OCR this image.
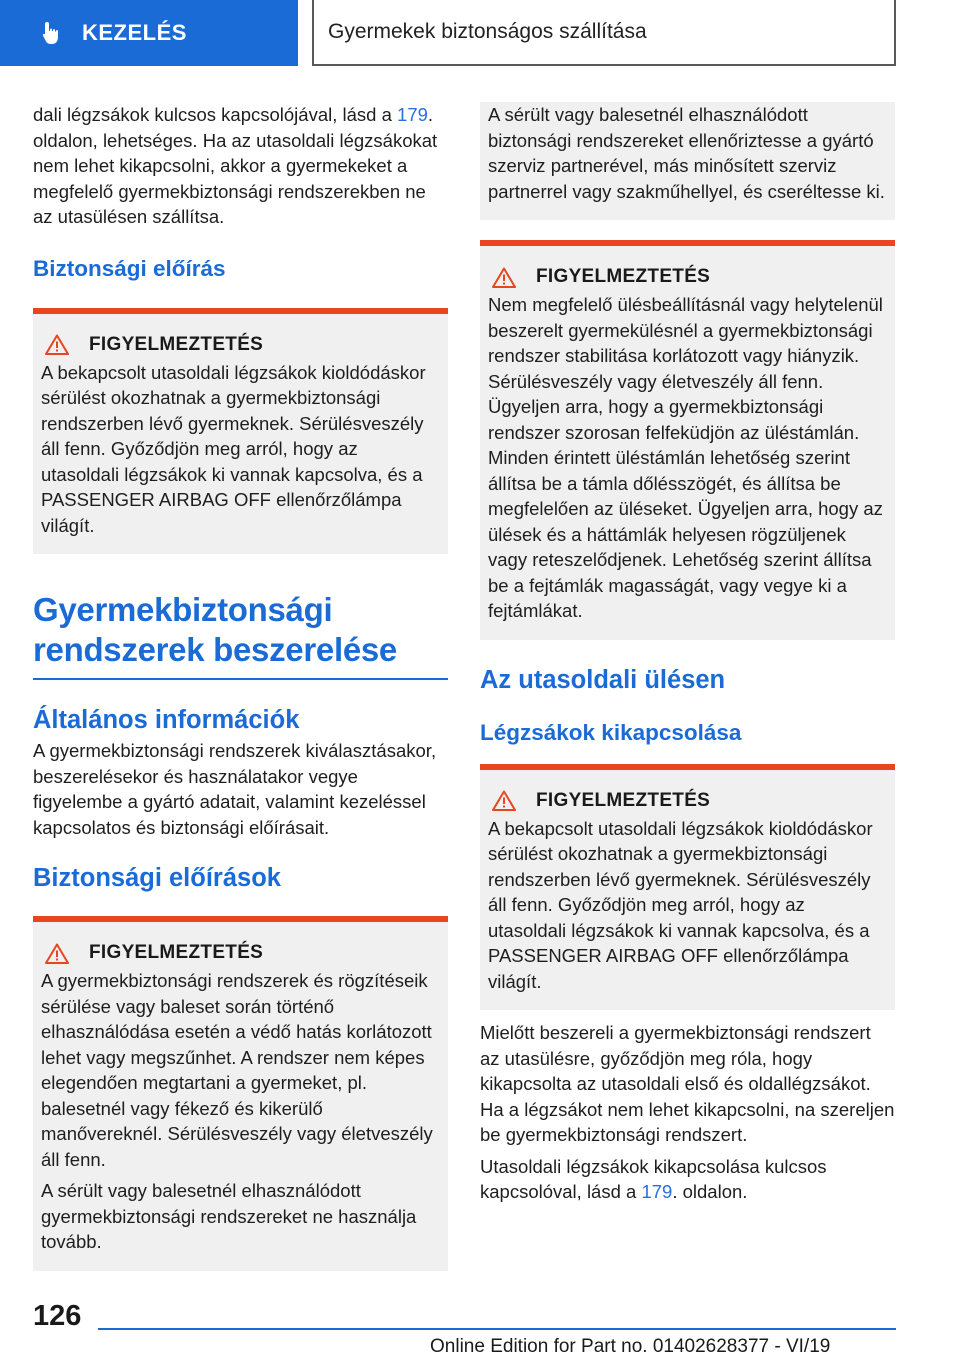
KEZELÉS	Gyermekek biztonságos szállítása

dali légzsákok kulcsos kapcsolójával, lásd a 179. oldalon, lehetséges. Ha az utasoldali légzsákokat nem lehet kikapcsolni, akkor a gyermekeket a megfelelő gyermekbiztonsági rendszerekben ne az utasülésen szállítsa.

Biztonsági előírás
FIGYELMEZTETÉS

A bekapcsolt utasoldali légzsákok kioldódáskor sérülést okozhatnak a gyermekbiztonsági rendszerben lévő gyermeknek. Sérülésveszély áll fenn. Győződjön meg arról, hogy az utasoldali légzsákok ki vannak kapcsolva, és a PASSENGER AIRBAG OFF ellenőrzőlámpa világít.

Gyermekbiztonsági rendszerek beszerelése
Általános információk

A gyermekbiztonsági rendszerek kiválasztásakor, beszerelésekor és használatakor vegye figyelembe a gyártó adatait, valamint kezeléssel kapcsolatos és biztonsági előírásait.

Biztonsági előírások
FIGYELMEZTETÉS

A gyermekbiztonsági rendszerek és rögzítéseik sérülése vagy baleset során történő elhasználódása esetén a védő hatás korlátozott lehet vagy megszűnhet. A rendszer nem képes elegendően megtartani a gyermeket, pl. balesetnél vagy fékező és kikerülő manővereknél. Sérülésveszély vagy életveszély áll fenn.

A sérült vagy balesetnél elhasználódott gyermekbiztonsági rendszereket ne használja tovább.

A sérült vagy balesetnél elhasználódott biztonsági rendszereket ellenőriztesse a gyártó szerviz partnerével, más minősített szerviz partnerrel vagy szakműhellyel, és cseréltesse ki.

FIGYELMEZTETÉS

Nem megfelelő ülésbeállításnál vagy helytelenül beszerelt gyermekülésnél a gyermekbiztonsági rendszer stabilitása korlátozott vagy hiányzik. Sérülésveszély vagy életveszély áll fenn. Ügyeljen arra, hogy a gyermekbiztonsági rendszer szorosan felfeküdjön az üléstámlán. Minden érintett üléstámlán lehetőség szerint állítsa be a támla dőlésszögét, és állítsa be megfelelően az üléseket. Ügyeljen arra, hogy az ülések és a háttámlák helyesen rögzüljenek vagy reteszelődjenek. Lehetőség szerint állítsa be a fejtámlák magasságát, vagy vegye ki a fejtámlákat.

Az utasoldali ülésen
Légzsákok kikapcsolása
FIGYELMEZTETÉS

A bekapcsolt utasoldali légzsákok kioldódáskor sérülést okozhatnak a gyermekbiztonsági rendszerben lévő gyermeknek. Sérülésveszély áll fenn. Győződjön meg arról, hogy az utasoldali légzsákok ki vannak kapcsolva, és a PASSENGER AIRBAG OFF ellenőrzőlámpa világít.

Mielőtt beszereli a gyermekbiztonsági rendszert az utasülésre, győződjön meg róla, hogy kikapcsolta az utasoldali első és oldallégzsákot. Ha a légzsákot nem lehet kikapcsolni, na szereljen be gyermekbiztonsági rendszert.

Utasoldali légzsákok kikapcsolása kulcsos kapcsolóval, lásd a 179. oldalon.

126
Online Edition for Part no. 01402628377 - VI/19
